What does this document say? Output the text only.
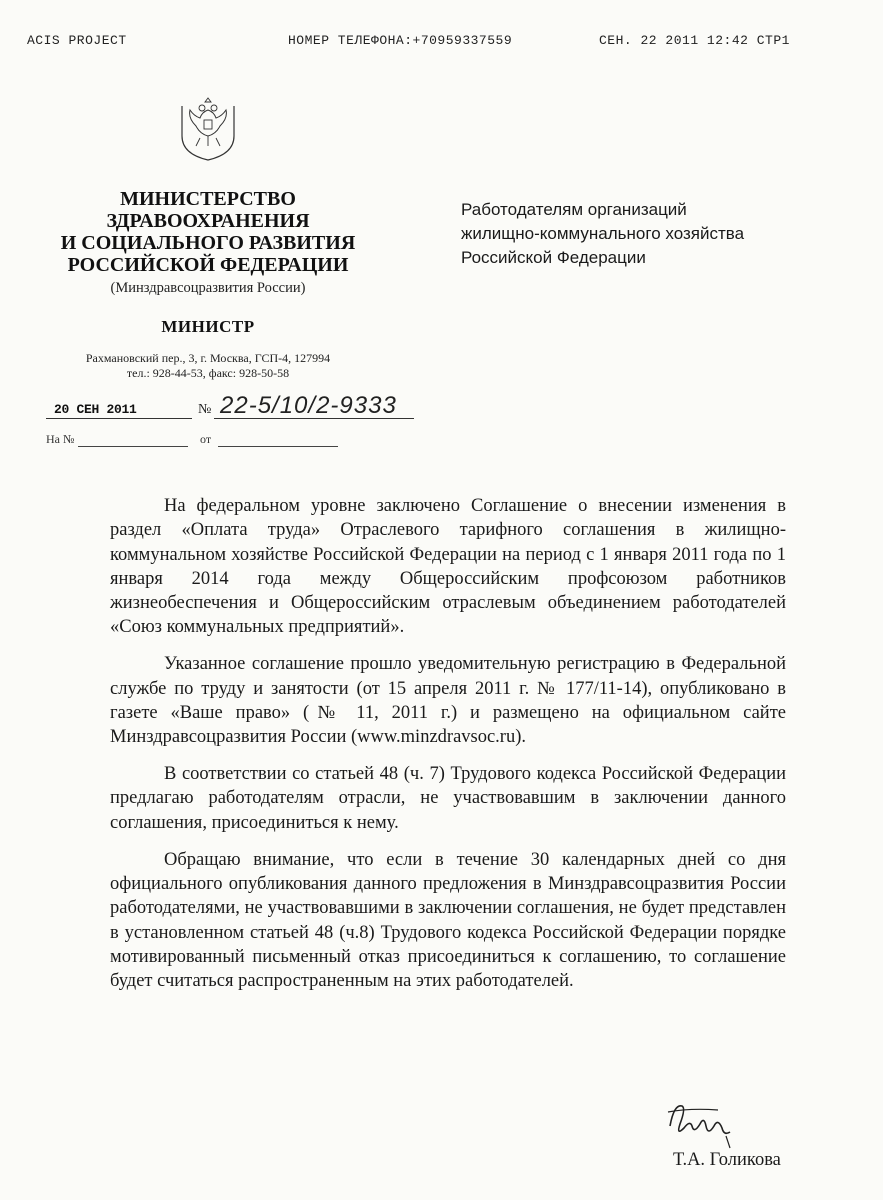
ACIS PROJECT	НОМЕР ТЕЛЕФОНА:+70959337559	СЕН. 22 2011 12:42 СТР1
МИНИСТЕРСТВО
ЗДРАВООХРАНЕНИЯ
И СОЦИАЛЬНОГО РАЗВИТИЯ
РОССИЙСКОЙ ФЕДЕРАЦИИ
(Минздравсоцразвития России)
МИНИСТР
Рахмановский пер., 3, г. Москва, ГСП-4, 127994
тел.: 928-44-53, факс: 928-50-58
20 СЕН 2011	№ 22-5/10/2-9333
На №	от
Работодателям организаций
жилищно-коммунального хозяйства
Российской Федерации

На федеральном уровне заключено Соглашение о внесении изменения в раздел «Оплата труда» Отраслевого тарифного соглашения в жилищно-коммунальном хозяйстве Российской Федерации на период с 1 января 2011 года по 1 января 2014 года между Общероссийским профсоюзом работников жизнеобеспечения и Общероссийским отраслевым объединением работодателей «Союз коммунальных предприятий».

Указанное соглашение прошло уведомительную регистрацию в Федеральной службе по труду и занятости (от 15 апреля 2011 г. № 177/11-14), опубликовано в газете «Ваше право» (№ 11, 2011 г.) и размещено на официальном сайте Минздравсоцразвития России (www.minzdravsoc.ru).

В соответствии со статьей 48 (ч. 7) Трудового кодекса Российской Федерации предлагаю работодателям отрасли, не участвовавшим в заключении данного соглашения, присоединиться к нему.

Обращаю внимание, что если в течение 30 календарных дней со дня официального опубликования данного предложения в Минздравсоцразвития России работодателями, не участвовавшими в заключении соглашения, не будет представлен в установленном статьей 48 (ч.8) Трудового кодекса Российской Федерации порядке мотивированный письменный отказ присоединиться к соглашению, то соглашение будет считаться распространенным на этих работодателей.

Т.А. Голикова
